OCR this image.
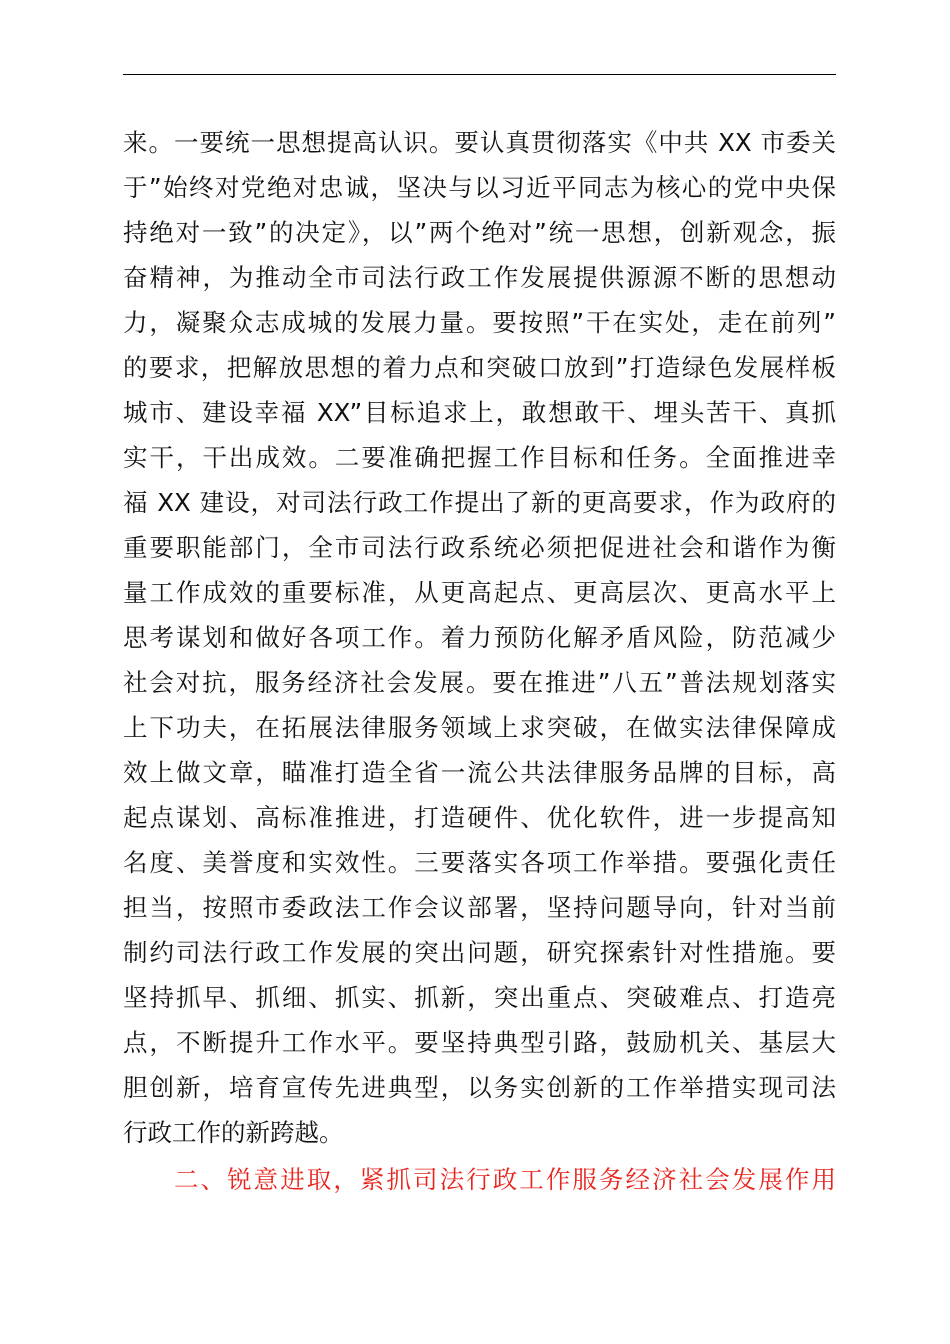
来。一要统一思想提高认识。要认真贯彻落实《中共 XX 市委关
于”始终对党绝对忠诚，坚决与以习近平同志为核心的党中央保
持绝对一致”的决定》，以”两个绝对”统一思想，创新观念，振
奋精神，为推动全市司法行政工作发展提供源源不断的思想动
力，凝聚众志成城的发展力量。要按照”干在实处，走在前列”
的要求，把解放思想的着力点和突破口放到”打造绿色发展样板
城市、建设幸福 XX”目标追求上，敢想敢干、埋头苦干、真抓
实干，干出成效。二要准确把握工作目标和任务。全面推进幸
福 XX 建设，对司法行政工作提出了新的更高要求，作为政府的
重要职能部门，全市司法行政系统必须把促进社会和谐作为衡
量工作成效的重要标准，从更高起点、更高层次、更高水平上
思考谋划和做好各项工作。着力预防化解矛盾风险，防范减少
社会对抗，服务经济社会发展。要在推进”八五”普法规划落实
上下功夫，在拓展法律服务领域上求突破，在做实法律保障成
效上做文章，瞄准打造全省一流公共法律服务品牌的目标，高
起点谋划、高标准推进，打造硬件、优化软件，进一步提高知
名度、美誉度和实效性。三要落实各项工作举措。要强化责任
担当，按照市委政法工作会议部署，坚持问题导向，针对当前
制约司法行政工作发展的突出问题，研究探索针对性措施。要
坚持抓早、抓细、抓实、抓新，突出重点、突破难点、打造亮
点，不断提升工作水平。要坚持典型引路，鼓励机关、基层大
胆创新，培育宣传先进典型，以务实创新的工作举措实现司法
行政工作的新跨越。
二、锐意进取，紧抓司法行政工作服务经济社会发展作用
